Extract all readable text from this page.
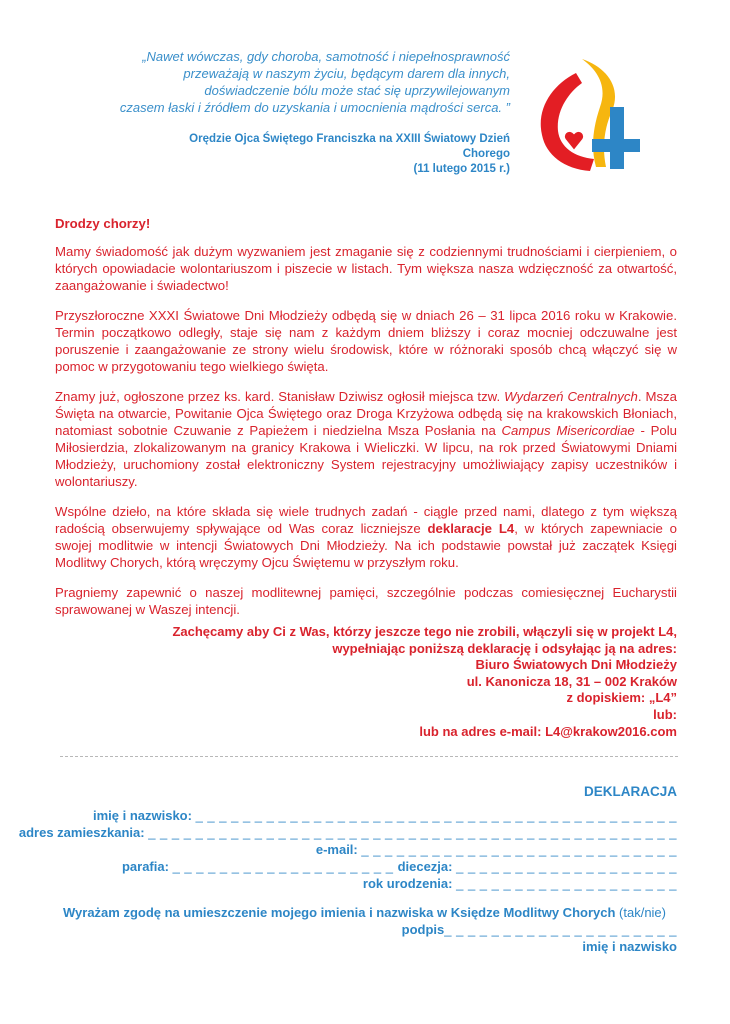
„Nawet wówczas, gdy choroba, samotność i niepełnosprawność
przeważają w naszym życiu, będącym darem dla innych,
doświadczenie bólu może stać się uprzywilejowanym
czasem łaski i źródłem do uzyskania i umocnienia mądrości serca. ”
Orędzie Ojca Świętego Franciszka na XXIII Światowy Dzień Chorego
(11 lutego 2015 r.)

Drodzy chorzy!

Mamy świadomość jak dużym wyzwaniem jest zmaganie się z codziennymi trudnościami i cierpieniem, o których opowiadacie wolontariuszom i piszecie w listach. Tym większa nasza wdzięczność za otwartość, zaangażowanie i świadectwo!

Przyszłoroczne XXXI Światowe Dni Młodzieży odbędą się w dniach 26 – 31 lipca 2016 roku w Krakowie. Termin początkowo odległy, staje się nam z każdym dniem bliższy i coraz mocniej odczuwalne jest poruszenie i zaangażowanie ze strony wielu środowisk, które w różnoraki sposób chcą włączyć się w pomoc w przygotowaniu tego wielkiego święta.

Znamy już, ogłoszone przez ks. kard. Stanisław Dziwisz ogłosił miejsca tzw. Wydarzeń Centralnych. Msza Święta na otwarcie, Powitanie Ojca Świętego oraz Droga Krzyżowa odbędą się na krakowskich Błoniach, natomiast sobotnie Czuwanie z Papieżem i niedzielna Msza Posłania na Campus Misericordiae - Polu Miłosierdzia, zlokalizowanym na granicy Krakowa i Wieliczki. W lipcu, na rok przed Światowymi Dniami Młodzieży, uruchomiony został elektroniczny System rejestracyjny umożliwiający zapisy uczestników i wolontariuszy.

Wspólne dzieło, na które składa się wiele trudnych zadań - ciągle przed nami, dlatego z tym większą radością obserwujemy spływające od Was coraz liczniejsze deklaracje L4, w których zapewniacie o swojej modlitwie w intencji Światowych Dni Młodzieży. Na ich podstawie powstał już zaczątek Księgi Modlitwy Chorych, którą wręczymy Ojcu Świętemu w przyszłym roku.

Pragniemy zapewnić o naszej modlitewnej pamięci, szczególnie podczas comiesięcznej Eucharystii sprawowanej w Waszej intencji.

Zachęcamy aby Ci z Was, którzy jeszcze tego nie zrobili, włączyli się w projekt L4,
wypełniając poniższą deklarację i odsyłając ją na adres:
Biuro Światowych Dni Młodzieży
ul. Kanonicza 18, 31 – 002 Kraków
z dopiskiem: „L4”
lub:
lub na adres e-mail: L4@krakow2016.com
DEKLARACJA
imię i nazwisko: _ _ _ _ _ _ _ _ _ _ _ _ _ _ _ _ _ _ _ _ _ _ _ _ _ _ _ _ _ _ _ _ _ _ _ _ _ _ _ _ _
adres zamieszkania: _ _ _ _ _ _ _ _ _ _ _ _ _ _ _ _ _ _ _ _ _ _ _ _ _ _ _ _ _ _ _ _ _ _ _ _ _ _ _ _ _ _ _ _ _
e-mail: _ _ _ _ _ _ _ _ _ _ _ _ _ _ _ _ _ _ _ _ _ _ _ _ _ _ _
parafia: _ _ _ _ _ _ _ _ _ _ _ _ _ _ _ _ _ _ _ diecezja: _ _ _ _ _ _ _ _ _ _ _ _ _ _ _ _ _ _ _
rok urodzenia: _ _ _ _ _ _ _ _ _ _ _ _ _ _ _ _ _ _ _
Wyrażam zgodę na umieszczenie mojego imienia i nazwiska w Księdze Modlitwy Chorych (tak/nie)
podpis_ _ _ _ _ _ _ _ _ _ _ _ _ _ _ _ _ _ _ _
imię i nazwisko
